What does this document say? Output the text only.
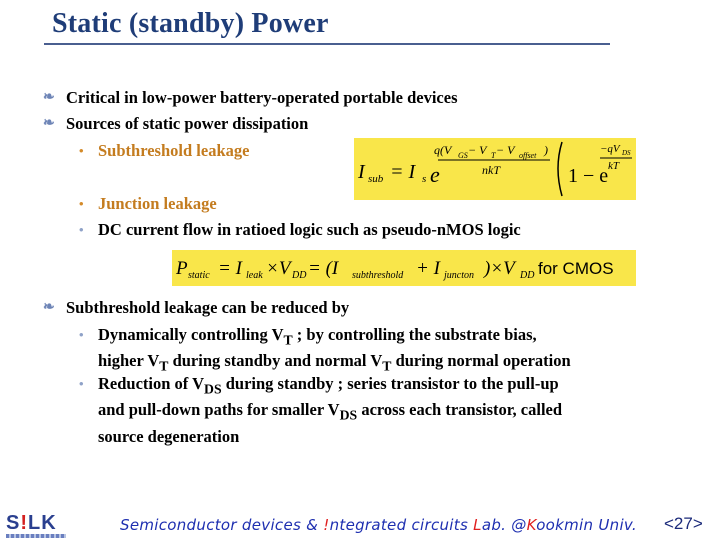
Static (standby) Power
❧ Critical in low-power battery-operated portable devices
❧ Sources of static power dissipation
• Subthreshold leakage
• Junction leakage
• DC current flow in ratioed logic such as pseudo-nMOS logic
I sub = I s e
q(V GS − V T − V offset )
nkT	1 − e
−qV DS
kT
P static = I leak ×V DD = (I subthreshold + I juncton )×V DD for CMOS
❧ Subthreshold leakage can be reduced by
• Dynamically controlling $V_T$ ; by controlling the substrate bias,
higher $V_T$ during standby and normal $V_T$ during normal operation
• Reduction of $V_{DS}$ during standby ; series transistor to the pull-up
and pull-down paths for smaller $V_{DS}$ across each transistor, called
source degeneration
S!LK	Semiconductor devices & !ntegrated circuits Lab. @Kookmin Univ. <27>
